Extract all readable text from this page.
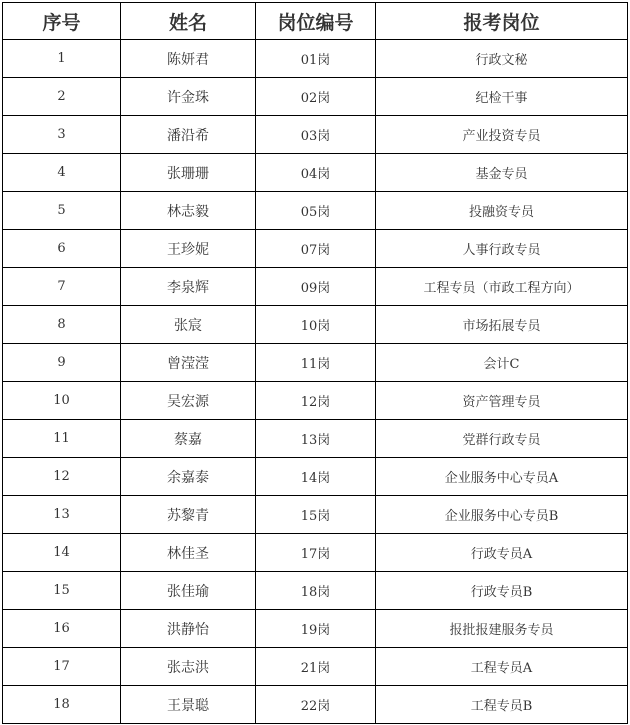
序号	姓名	岗位编号	报考岗位
1	陈妍君	01岗	行政文秘
2	许金珠	02岗	纪检干事
3	潘沿希	03岗	产业投资专员
4	张珊珊	04岗	基金专员
5	林志毅	05岗	投融资专员
6	王珍妮	07岗	人事行政专员
7	李泉辉	09岗	工程专员（市政工程方向）
8	张宸	10岗	市场拓展专员
9	曾滢滢	11岗	会计C
10	吴宏源	12岗	资产管理专员
11	蔡嘉	13岗	党群行政专员
12	余嘉泰	14岗	企业服务中心专员A
13	苏黎青	15岗	企业服务中心专员B
14	林佳圣	17岗	行政专员A
15	张佳瑜	18岗	行政专员B
16	洪静怡	19岗	报批报建服务专员
17	张志洪	21岗	工程专员A
18	王景聪	22岗	工程专员B
